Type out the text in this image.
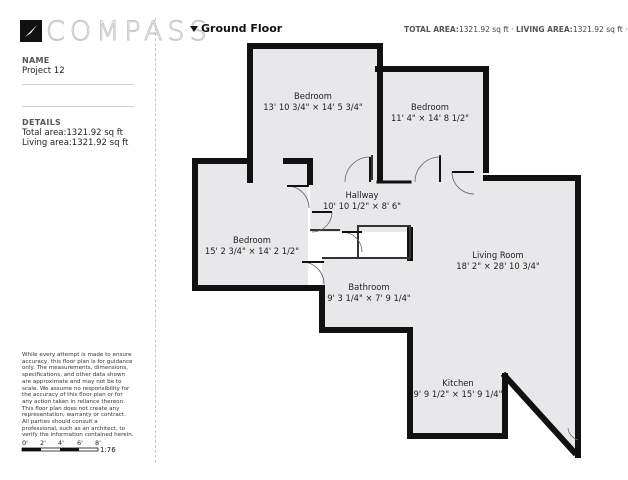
COMPASS
NAME
Project 12
DETAILS
Total area:1321.92 sq ft
Living area:1321.92 sq ft
While every attempt is made to ensure accuracy, this floor plan is for guidance only. The measurements, dimensions, specifications, and other data shown are approximate and may not be to scale. We assume no responsibility for the accuracy of this floor plan or for any action taken in reliance thereon. This floor plan does not create any representation, warranty or contract. All parties should consult a professional, such as an architect, to verify the information contained herein.
0' 2' 4' 6' 8'
1:76
Ground Floor	TOTAL AREA:1321.92 sq ft · LIVING AREA:1321.92 sq ft ·
Bedroom
13' 10 3/4" × 14' 5 3/4"	Bedroom
11' 4" × 14' 8 1/2"
Hallway
10' 10 1/2" × 8' 6"
Bedroom
15' 2 3/4" × 14' 2 1/2"	Living Room
18' 2" × 28' 10 3/4"
Bathroom
9' 3 1/4" × 7' 9 1/4"
Kitchen
9' 9 1/2" × 15' 9 1/4"
